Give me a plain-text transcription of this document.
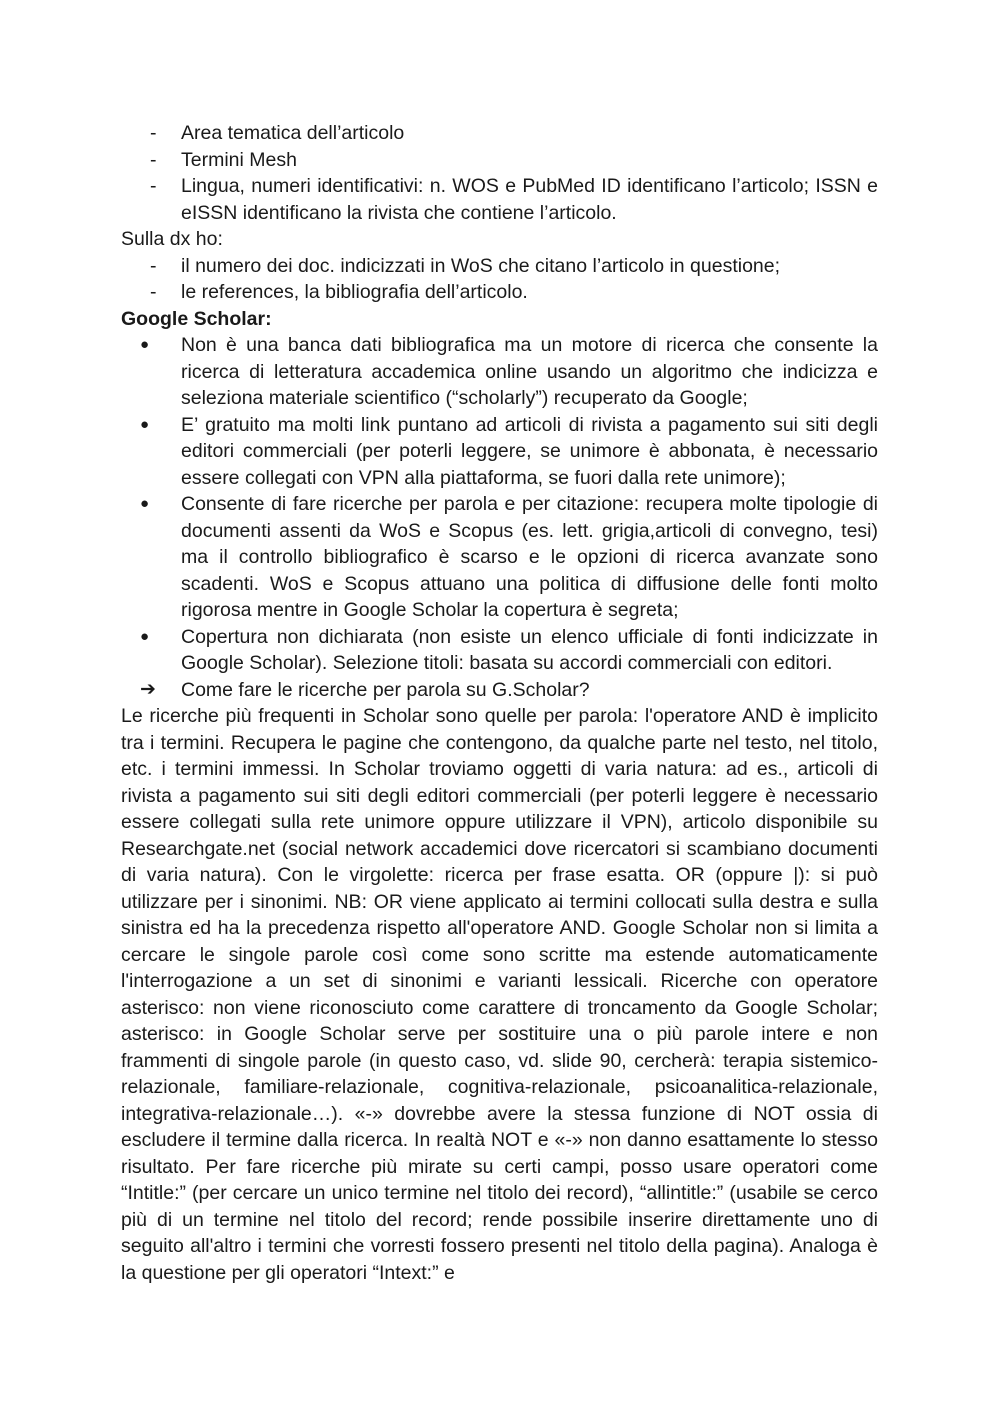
-	Area tematica dell’articolo
-	Termini Mesh
-	Lingua, numeri identificativi: n. WOS e PubMed ID identificano l’articolo; ISSN e eISSN identificano la rivista che contiene l’articolo.

Sulla dx ho:

-	il numero dei doc. indicizzati in WoS che citano l’articolo in questione;
-	le references, la bibliografia dell’articolo.

Google Scholar:

●	Non è una banca dati bibliografica ma un motore di ricerca che consente la ricerca di letteratura accademica online usando un algoritmo che indicizza e seleziona materiale scientifico (“scholarly”) recuperato da Google;
●	E’ gratuito ma molti link puntano ad articoli di rivista a pagamento sui siti degli editori commerciali (per poterli leggere, se unimore è abbonata, è necessario essere collegati con VPN alla piattaforma, se fuori dalla rete unimore);
●	Consente di fare ricerche per parola e per citazione: recupera molte tipologie di documenti assenti da WoS e Scopus (es. lett. grigia,articoli di convegno, tesi) ma il controllo bibliografico è scarso e le opzioni di ricerca avanzate sono scadenti. WoS e Scopus attuano una politica di diffusione delle fonti molto rigorosa mentre in Google Scholar la copertura è segreta;
●	Copertura non dichiarata (non esiste un elenco ufficiale di fonti indicizzate in Google Scholar). Selezione titoli: basata su accordi commerciali con editori.
➔ Come fare le ricerche per parola su G.Scholar?

Le ricerche più frequenti in Scholar sono quelle per parola: l'operatore AND è implicito tra i termini. Recupera le pagine che contengono, da qualche parte nel testo, nel titolo, etc. i termini immessi. In Scholar troviamo oggetti di varia natura: ad es., articoli di rivista a pagamento sui siti degli editori commerciali (per poterli leggere è necessario essere collegati sulla rete unimore oppure utilizzare il VPN), articolo disponibile su Researchgate.net (social network accademici dove ricercatori si scambiano documenti di varia natura). Con le virgolette: ricerca per frase esatta. OR (oppure |): si può utilizzare per i sinonimi. NB: OR viene applicato ai termini collocati sulla destra e sulla sinistra ed ha la precedenza rispetto all'operatore AND. Google Scholar non si limita a cercare le singole parole così come sono scritte ma estende automaticamente l'interrogazione a un set di sinonimi e varianti lessicali. Ricerche con operatore asterisco: non viene riconosciuto come carattere di troncamento da Google Scholar; asterisco: in Google Scholar serve per sostituire una o più parole intere e non frammenti di singole parole (in questo caso, vd. slide 90, cercherà: terapia sistemico-relazionale, familiare-relazionale, cognitiva-relazionale, psicoanalitica-relazionale, integrativa-relazionale…). «-» dovrebbe avere la stessa funzione di NOT ossia di escludere il termine dalla ricerca. In realtà NOT e «-» non danno esattamente lo stesso risultato. Per fare ricerche più mirate su certi campi, posso usare operatori come “Intitle:” (per cercare un unico termine nel titolo dei record), “allintitle:” (usabile se cerco più di un termine nel titolo del record; rende possibile inserire direttamente uno di seguito all'altro i termini che vorresti fossero presenti nel titolo della pagina). Analoga è la questione per gli operatori “Intext:” e
